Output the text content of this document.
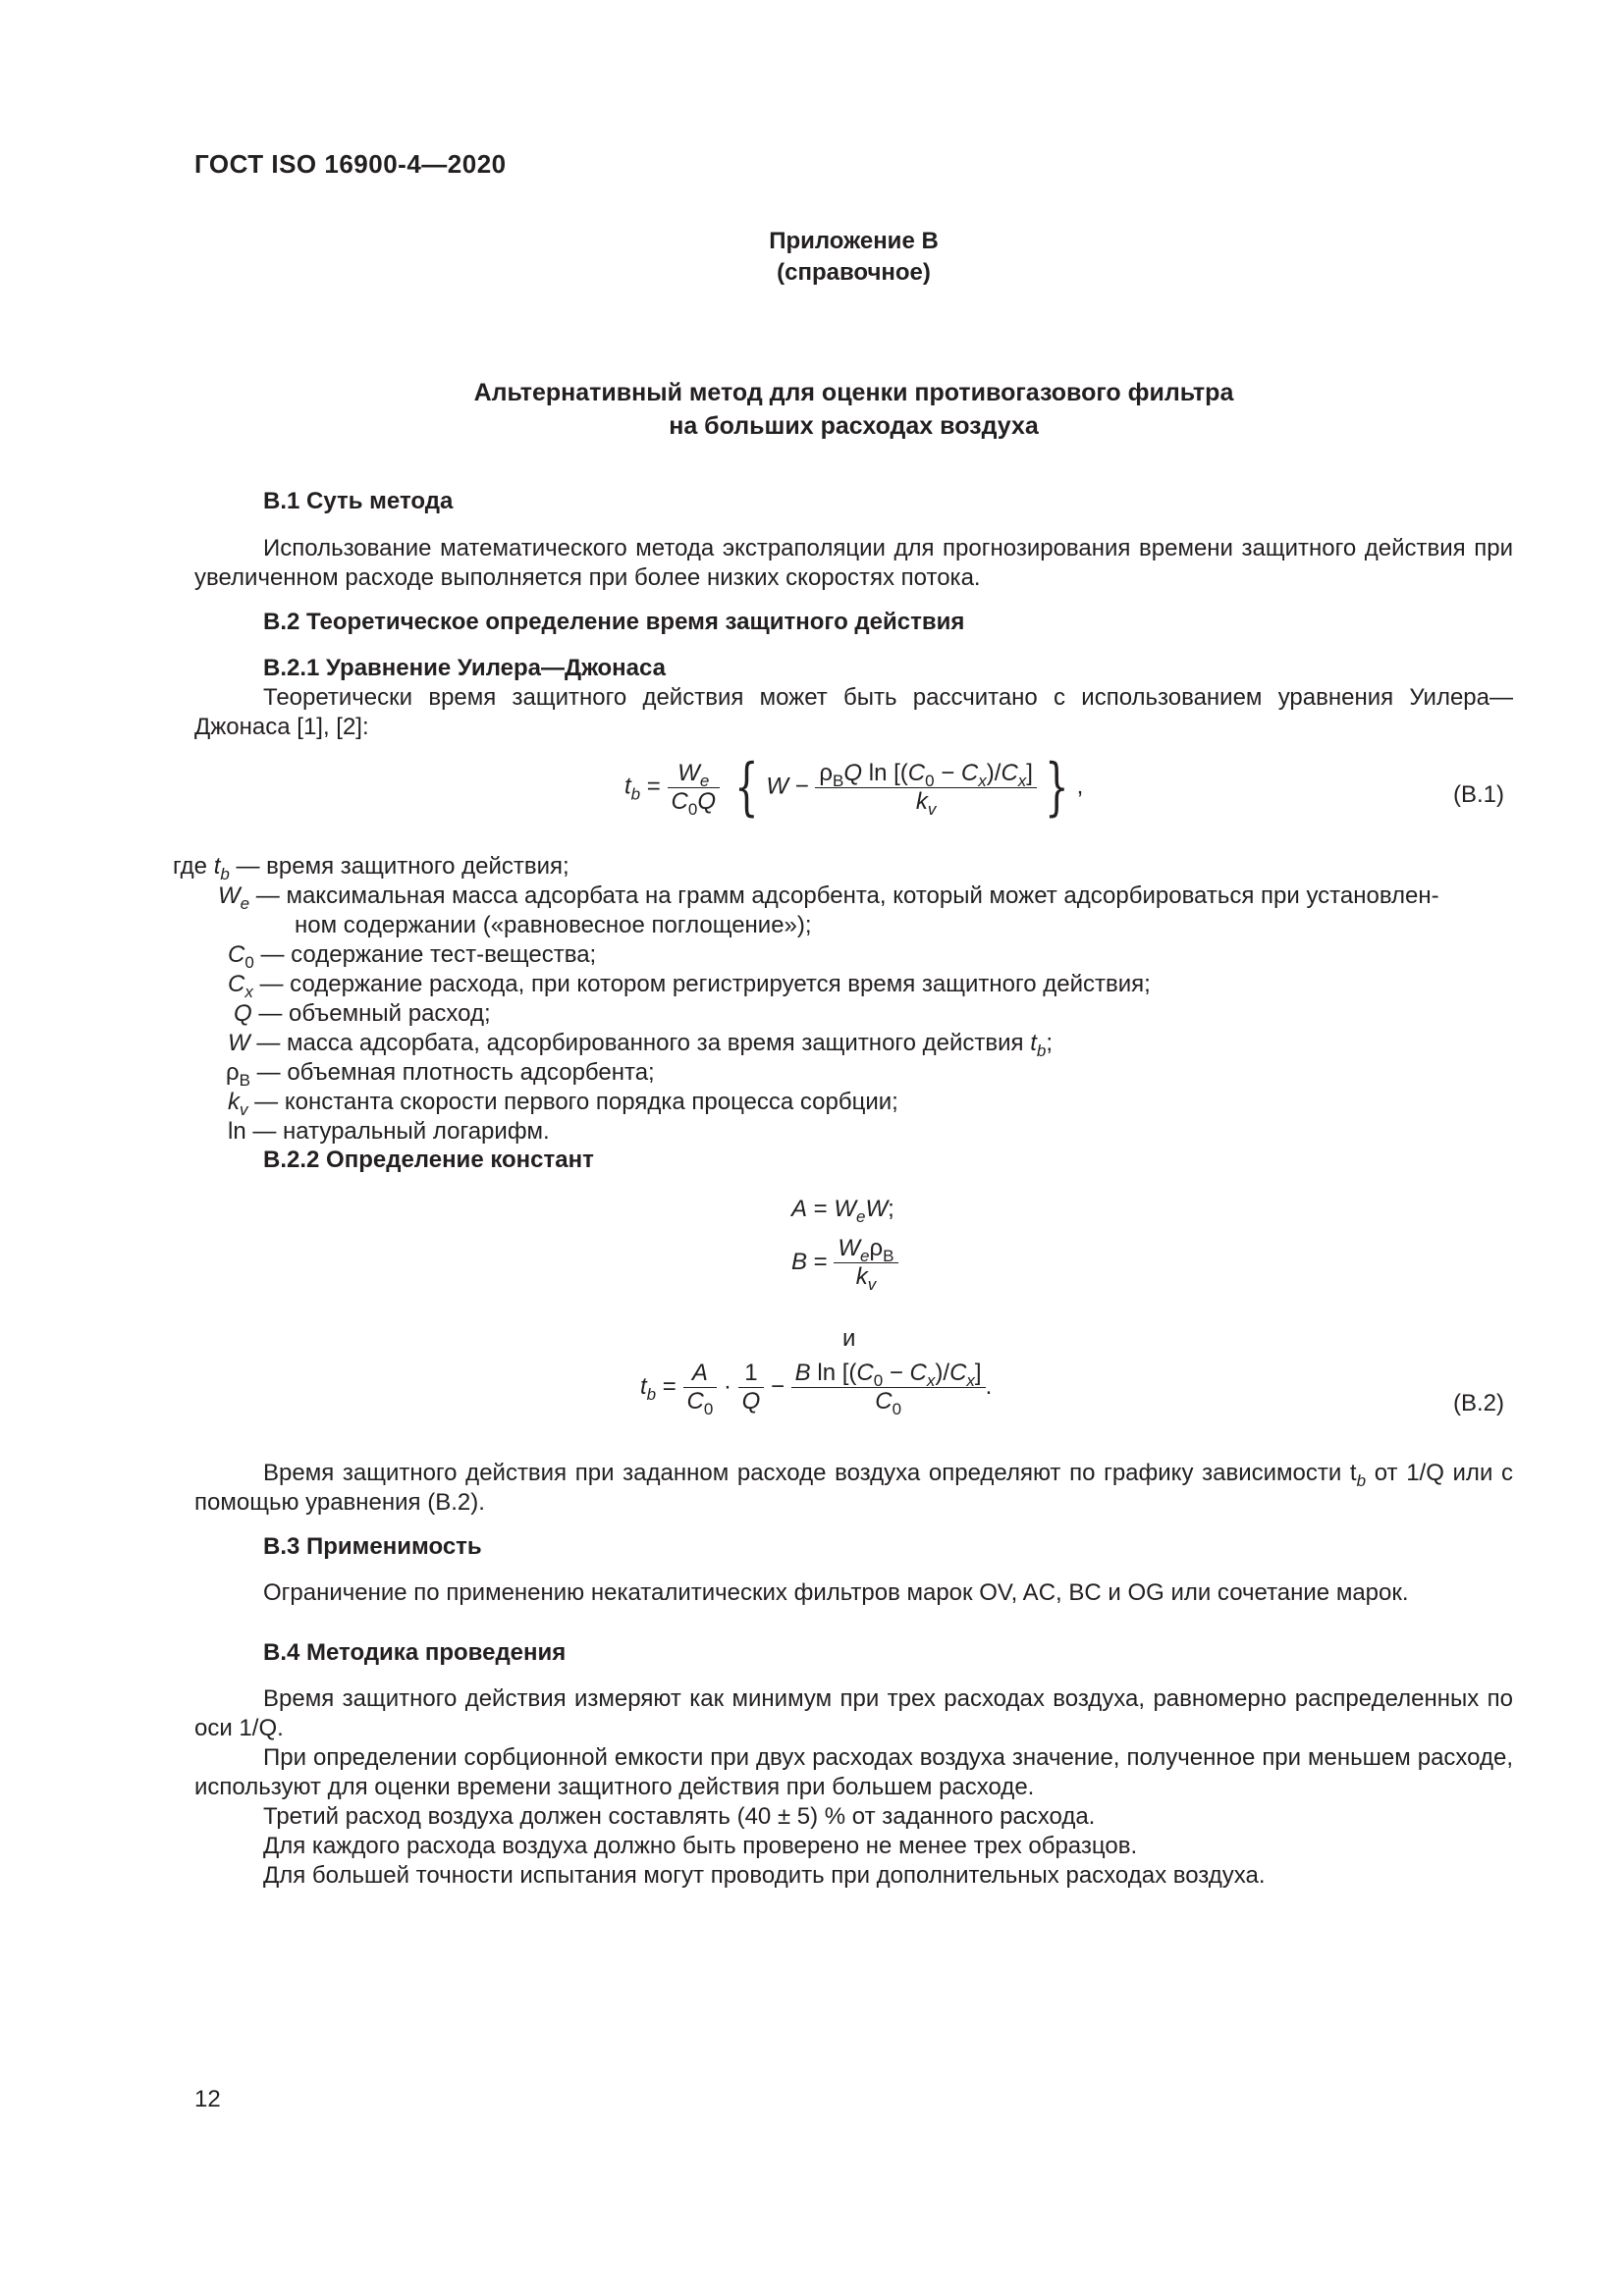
ГОСТ ISO 16900-4—2020
Приложение В
(справочное)
Альтернативный метод для оценки противогазового фильтра
на больших расходах воздуха
В.1 Суть метода
Использование математического метода экстраполяции для прогнозирования времени защитного действия при увеличенном расходе выполняется при более низких скоростях потока.
В.2 Теоретическое определение время защитного действия
В.2.1 Уравнение Уилера—Джонаса
Теоретически время защитного действия может быть рассчитано с использованием уравнения Уилера—Джонаса [1], [2]:
$t_b = \frac{W_e}{C_0Q}$ { $W - \frac{\rho_BQ \ln [(C_0 - C_x)/C_x]}{k_v}$ } ,	(В.1)
где $t_b$ — время защитного действия;
$W_e$ — максимальная масса адсорбата на грамм адсорбента, который может адсорбироваться при установлен-
ном содержании («равновесное поглощение»);
$C_0$ — содержание тест-вещества;
$C_x$ — содержание расхода, при котором регистрируется время защитного действия;
Q — объемный расход;
W — масса адсорбата, адсорбированного за время защитного действия $t_b$;
$\rho_B$ — объемная плотность адсорбента;
$k_v$ — константа скорости первого порядка процесса сорбции;
ln — натуральный логарифм.
В.2.2 Определение констант
$A = W_eW$;
$B = \frac{W_e\rho_B}{k_v}$
и
$t_b = \frac{A}{C_0} \cdot \frac{1}{Q} - \frac{B \ln [(C_0 - C_x)/C_x]}{C_0}$ .
(В.2)
Время защитного действия при заданном расходе воздуха определяют по графику зависимости $t_b$ от 1/Q или с помощью уравнения (В.2).
В.3 Применимость
Ограничение по применению некаталитических фильтров марок OV, AC, BC и OG или сочетание марок.
В.4 Методика проведения
Время защитного действия измеряют как минимум при трех расходах воздуха, равномерно распределенных по оси 1/Q.
При определении сорбционной емкости при двух расходах воздуха значение, полученное при меньшем расходе, используют для оценки времени защитного действия при большем расходе.
Третий расход воздуха должен составлять (40 ± 5) % от заданного расхода.
Для каждого расхода воздуха должно быть проверено не менее трех образцов.
Для большей точности испытания могут проводить при дополнительных расходах воздуха.
12
